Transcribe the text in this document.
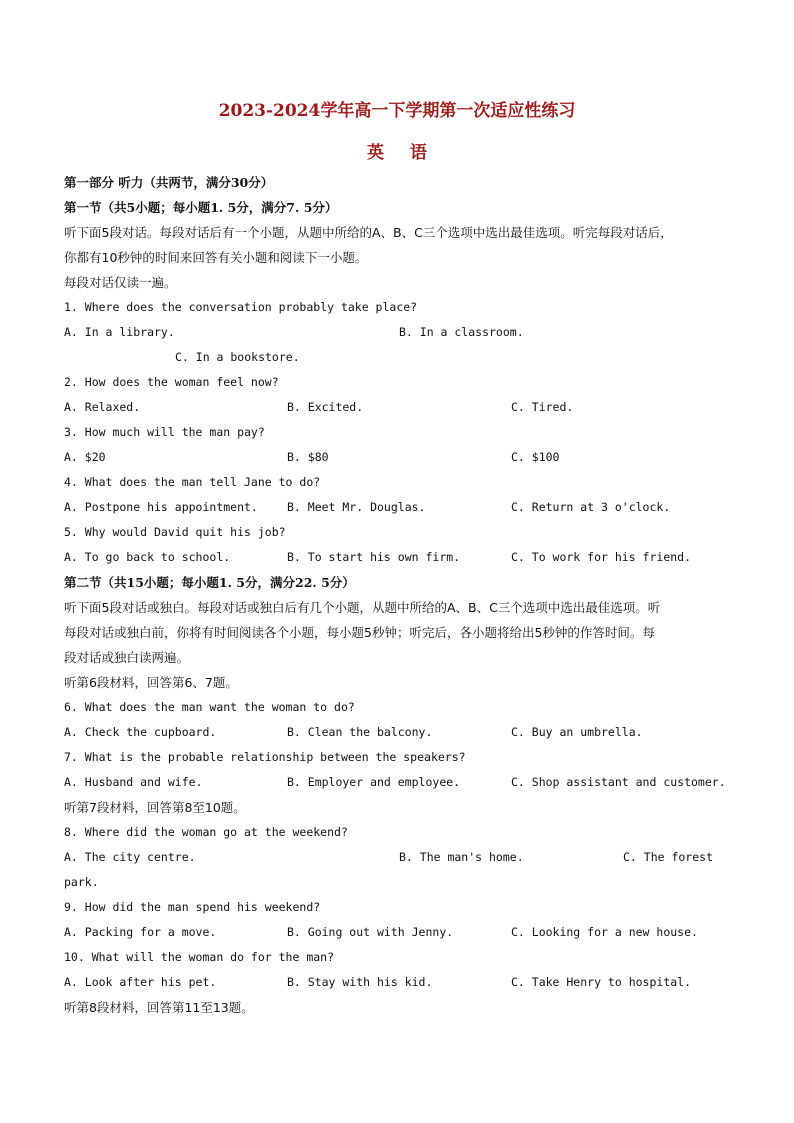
2023-2024学年高一下学期第一次适应性练习
英语
第一部分 听力（共两节，满分30分）
第一节（共5小题；每小题1. 5分，满分7. 5分）
听下面5段对话。每段对话后有一个小题，从题中所给的A、B、C三个选项中选出最佳选项。听完每段对话后，
你都有10秒钟的时间来回答有关小题和阅读下一小题。
每段对话仅读一遍。
1. Where does the conversation probably take place?
A. In a library.	B. In a classroom.
C. In a bookstore.
2. How does the woman feel now?
A. Relaxed.	B. Excited.	C. Tired.
3. How much will the man pay?
A. $20	B. $80	C. $100
4. What does the man tell Jane to do?
A. Postpone his appointment.	B. Meet Mr. Douglas.	C. Return at 3 o'clock.
5. Why would David quit his job?
A. To go back to school.	B. To start his own firm.	C. To work for his friend.
第二节（共15小题；每小题1. 5分，满分22. 5分）
听下面5段对话或独白。每段对话或独白后有几个小题，从题中所给的A、B、C三个选项中选出最佳选项。听
每段对话或独白前，你将有时间阅读各个小题，每小题5秒钟；听完后，各小题将给出5秒钟的作答时间。每
段对话或独白读两遍。
听第6段材料，回答第6、7题。
6. What does the man want the woman to do?
A. Check the cupboard.	B. Clean the balcony.	C. Buy an umbrella.
7. What is the probable relationship between the speakers?
A. Husband and wife.	B. Employer and employee.	C. Shop assistant and customer.
听第7段材料，回答第8至10题。
8. Where did the woman go at the weekend?
A. The city centre.	B. The man's home.	C. The forest
park.
9. How did the man spend his weekend?
A. Packing for a move.	B. Going out with Jenny.	C. Looking for a new house.
10. What will the woman do for the man?
A. Look after his pet.	B. Stay with his kid.	C. Take Henry to hospital.
听第8段材料，回答第11至13题。
